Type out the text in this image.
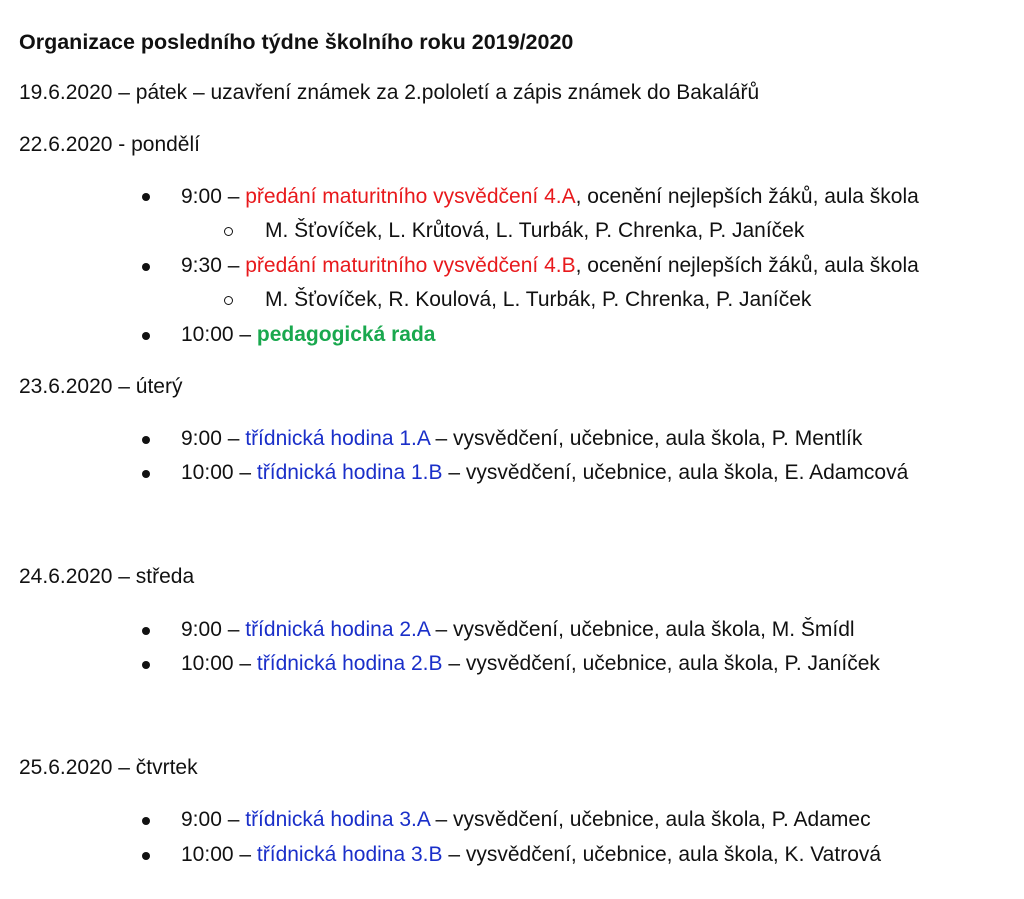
Organizace posledního týdne školního roku 2019/2020
19.6.2020 – pátek – uzavření známek za 2.pololetí a zápis známek do Bakalářů
22.6.2020 - pondělí
9:00 – předání maturitního vysvědčení 4.A, ocenění nejlepších žáků, aula škola
M. Šťovíček, L. Krůtová, L. Turbák, P. Chrenka, P. Janíček
9:30 – předání maturitního vysvědčení 4.B, ocenění nejlepších žáků, aula škola
M. Šťovíček, R. Koulová, L. Turbák, P. Chrenka, P. Janíček
10:00 – pedagogická rada
23.6.2020 – úterý
9:00 – třídnická hodina 1.A – vysvědčení, učebnice, aula škola, P. Mentlík
10:00 – třídnická hodina 1.B – vysvědčení, učebnice, aula škola, E. Adamcová
24.6.2020 – středa
9:00 – třídnická hodina 2.A – vysvědčení, učebnice, aula škola, M. Šmídl
10:00 – třídnická hodina 2.B – vysvědčení, učebnice, aula škola, P. Janíček
25.6.2020 – čtvrtek
9:00 – třídnická hodina 3.A – vysvědčení, učebnice, aula škola, P. Adamec
10:00 – třídnická hodina 3.B – vysvědčení, učebnice, aula škola, K. Vatrová
